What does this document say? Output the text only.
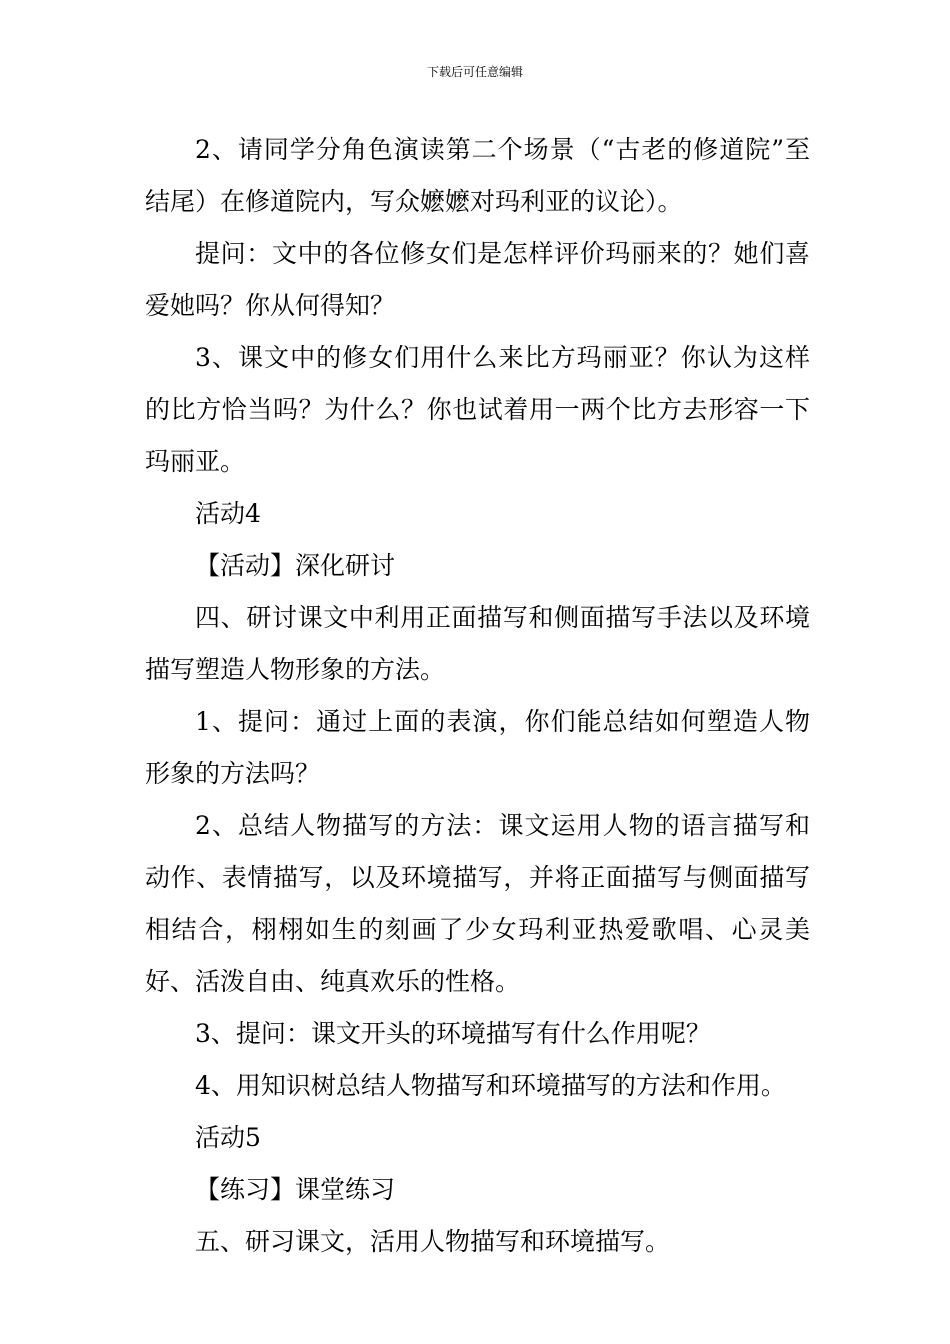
下载后可任意编辑

2、请同学分角色演读第二个场景（“古老的修道院”至结尾）在修道院内，写众嬷嬷对玛利亚的议论）。

提问：文中的各位修女们是怎样评价玛丽来的？她们喜爱她吗？你从何得知？

3、课文中的修女们用什么来比方玛丽亚？你认为这样的比方恰当吗？为什么？你也试着用一两个比方去形容一下玛丽亚。

活动4

【活动】深化研讨

四、研讨课文中利用正面描写和侧面描写手法以及环境描写塑造人物形象的方法。

1、提问：通过上面的表演，你们能总结如何塑造人物形象的方法吗？

2、总结人物描写的方法：课文运用人物的语言描写和动作、表情描写，以及环境描写，并将正面描写与侧面描写相结合，栩栩如生的刻画了少女玛利亚热爱歌唱、心灵美好、活泼自由、纯真欢乐的性格。

3、提问：课文开头的环境描写有什么作用呢？

4、用知识树总结人物描写和环境描写的方法和作用。

活动5

【练习】课堂练习

五、研习课文，活用人物描写和环境描写。
